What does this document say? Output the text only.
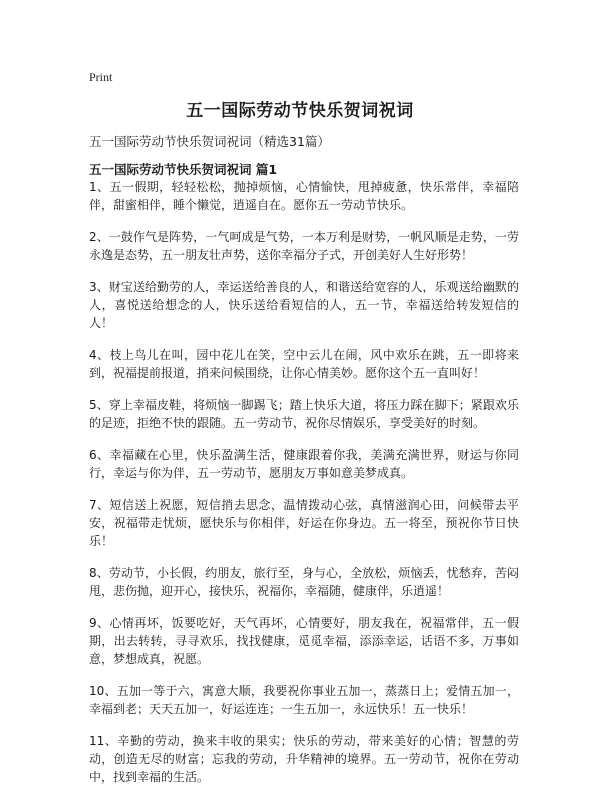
Print
五一国际劳动节快乐贺词祝词

五一国际劳动节快乐贺词祝词（精选31篇）

五一国际劳动节快乐贺词祝词 篇1

1、五一假期，轻轻松松，抛掉烦恼，心情愉快，甩掉疲惫，快乐常伴，幸福陪伴，甜蜜相伴，睡个懒觉，逍遥自在。愿你五一劳动节快乐。

2、一鼓作气是阵势，一气呵成是气势，一本万利是财势，一帆风顺是走势，一劳永逸是态势，五一朋友壮声势，送你幸福分子式，开创美好人生好形势！

3、财宝送给勤劳的人，幸运送给善良的人，和谐送给宽容的人，乐观送给幽默的人，喜悦送给想念的人，快乐送给看短信的人，五一节，幸福送给转发短信的人！

4、枝上鸟儿在叫，园中花儿在笑，空中云儿在闹，风中欢乐在跳，五一即将来到，祝福提前报道，捎来问候围绕，让你心情美妙。愿你这个五一直叫好！

5、穿上幸福皮鞋，将烦恼一脚踢飞；踏上快乐大道，将压力踩在脚下；紧跟欢乐的足迹，拒绝不快的跟随。五一劳动节，祝你尽情娱乐，享受美好的时刻。

6、幸福藏在心里，快乐盈满生活，健康跟着你我，美满充满世界，财运与你同行，幸运与你为伴，五一劳动节，愿朋友万事如意美梦成真。

7、短信送上祝愿，短信捎去思念，温情拨动心弦，真情滋润心田，问候带去平安，祝福带走忧烦，愿快乐与你相伴，好运在你身边。五一将至，预祝你节日快乐！

8、劳动节，小长假，约朋友，旅行至，身与心，全放松，烦恼丢，忧愁弃，苦闷甩，悲伤抛，迎开心，接快乐，祝福你，幸福随，健康伴，乐逍遥！

9、心情再坏，饭要吃好，天气再坏，心情要好，朋友我在，祝福常伴，五一假期，出去转转，寻寻欢乐，找找健康，觅觅幸福，添添幸运，话语不多，万事如意，梦想成真，祝愿。

10、五加一等于六，寓意大顺，我要祝你事业五加一，蒸蒸日上；爱情五加一，幸福到老；天天五加一，好运连连；一生五加一，永远快乐！五一快乐！

11、辛勤的劳动，换来丰收的果实；快乐的劳动，带来美好的心情；智慧的劳动，创造无尽的财富；忘我的劳动，升华精神的境界。五一劳动节，祝你在劳动中，找到幸福的生活。
